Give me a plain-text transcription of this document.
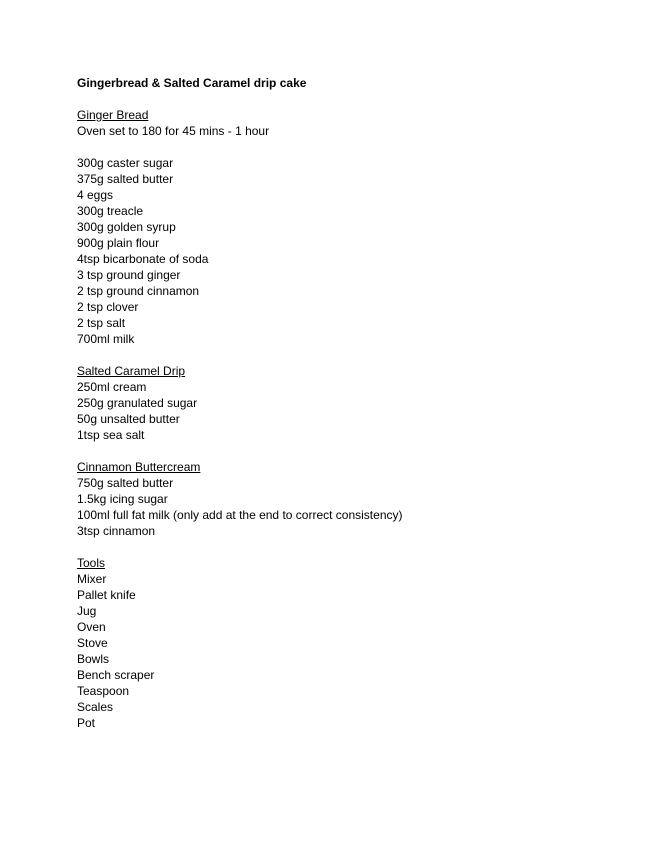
Gingerbread & Salted Caramel drip cake
Ginger Bread
Oven set to 180 for 45 mins - 1 hour
300g caster sugar
375g salted butter
4 eggs
300g treacle
300g golden syrup
900g plain flour
4tsp bicarbonate of soda
3 tsp ground ginger
2 tsp ground cinnamon
2 tsp clover
2 tsp salt
700ml milk
Salted Caramel Drip
250ml cream
250g granulated sugar
50g unsalted butter
1tsp sea salt
Cinnamon Buttercream
750g salted butter
1.5kg icing sugar
100ml full fat milk (only add at the end to correct consistency)
3tsp cinnamon
Tools
Mixer
Pallet knife
Jug
Oven
Stove
Bowls
Bench scraper
Teaspoon
Scales
Pot
